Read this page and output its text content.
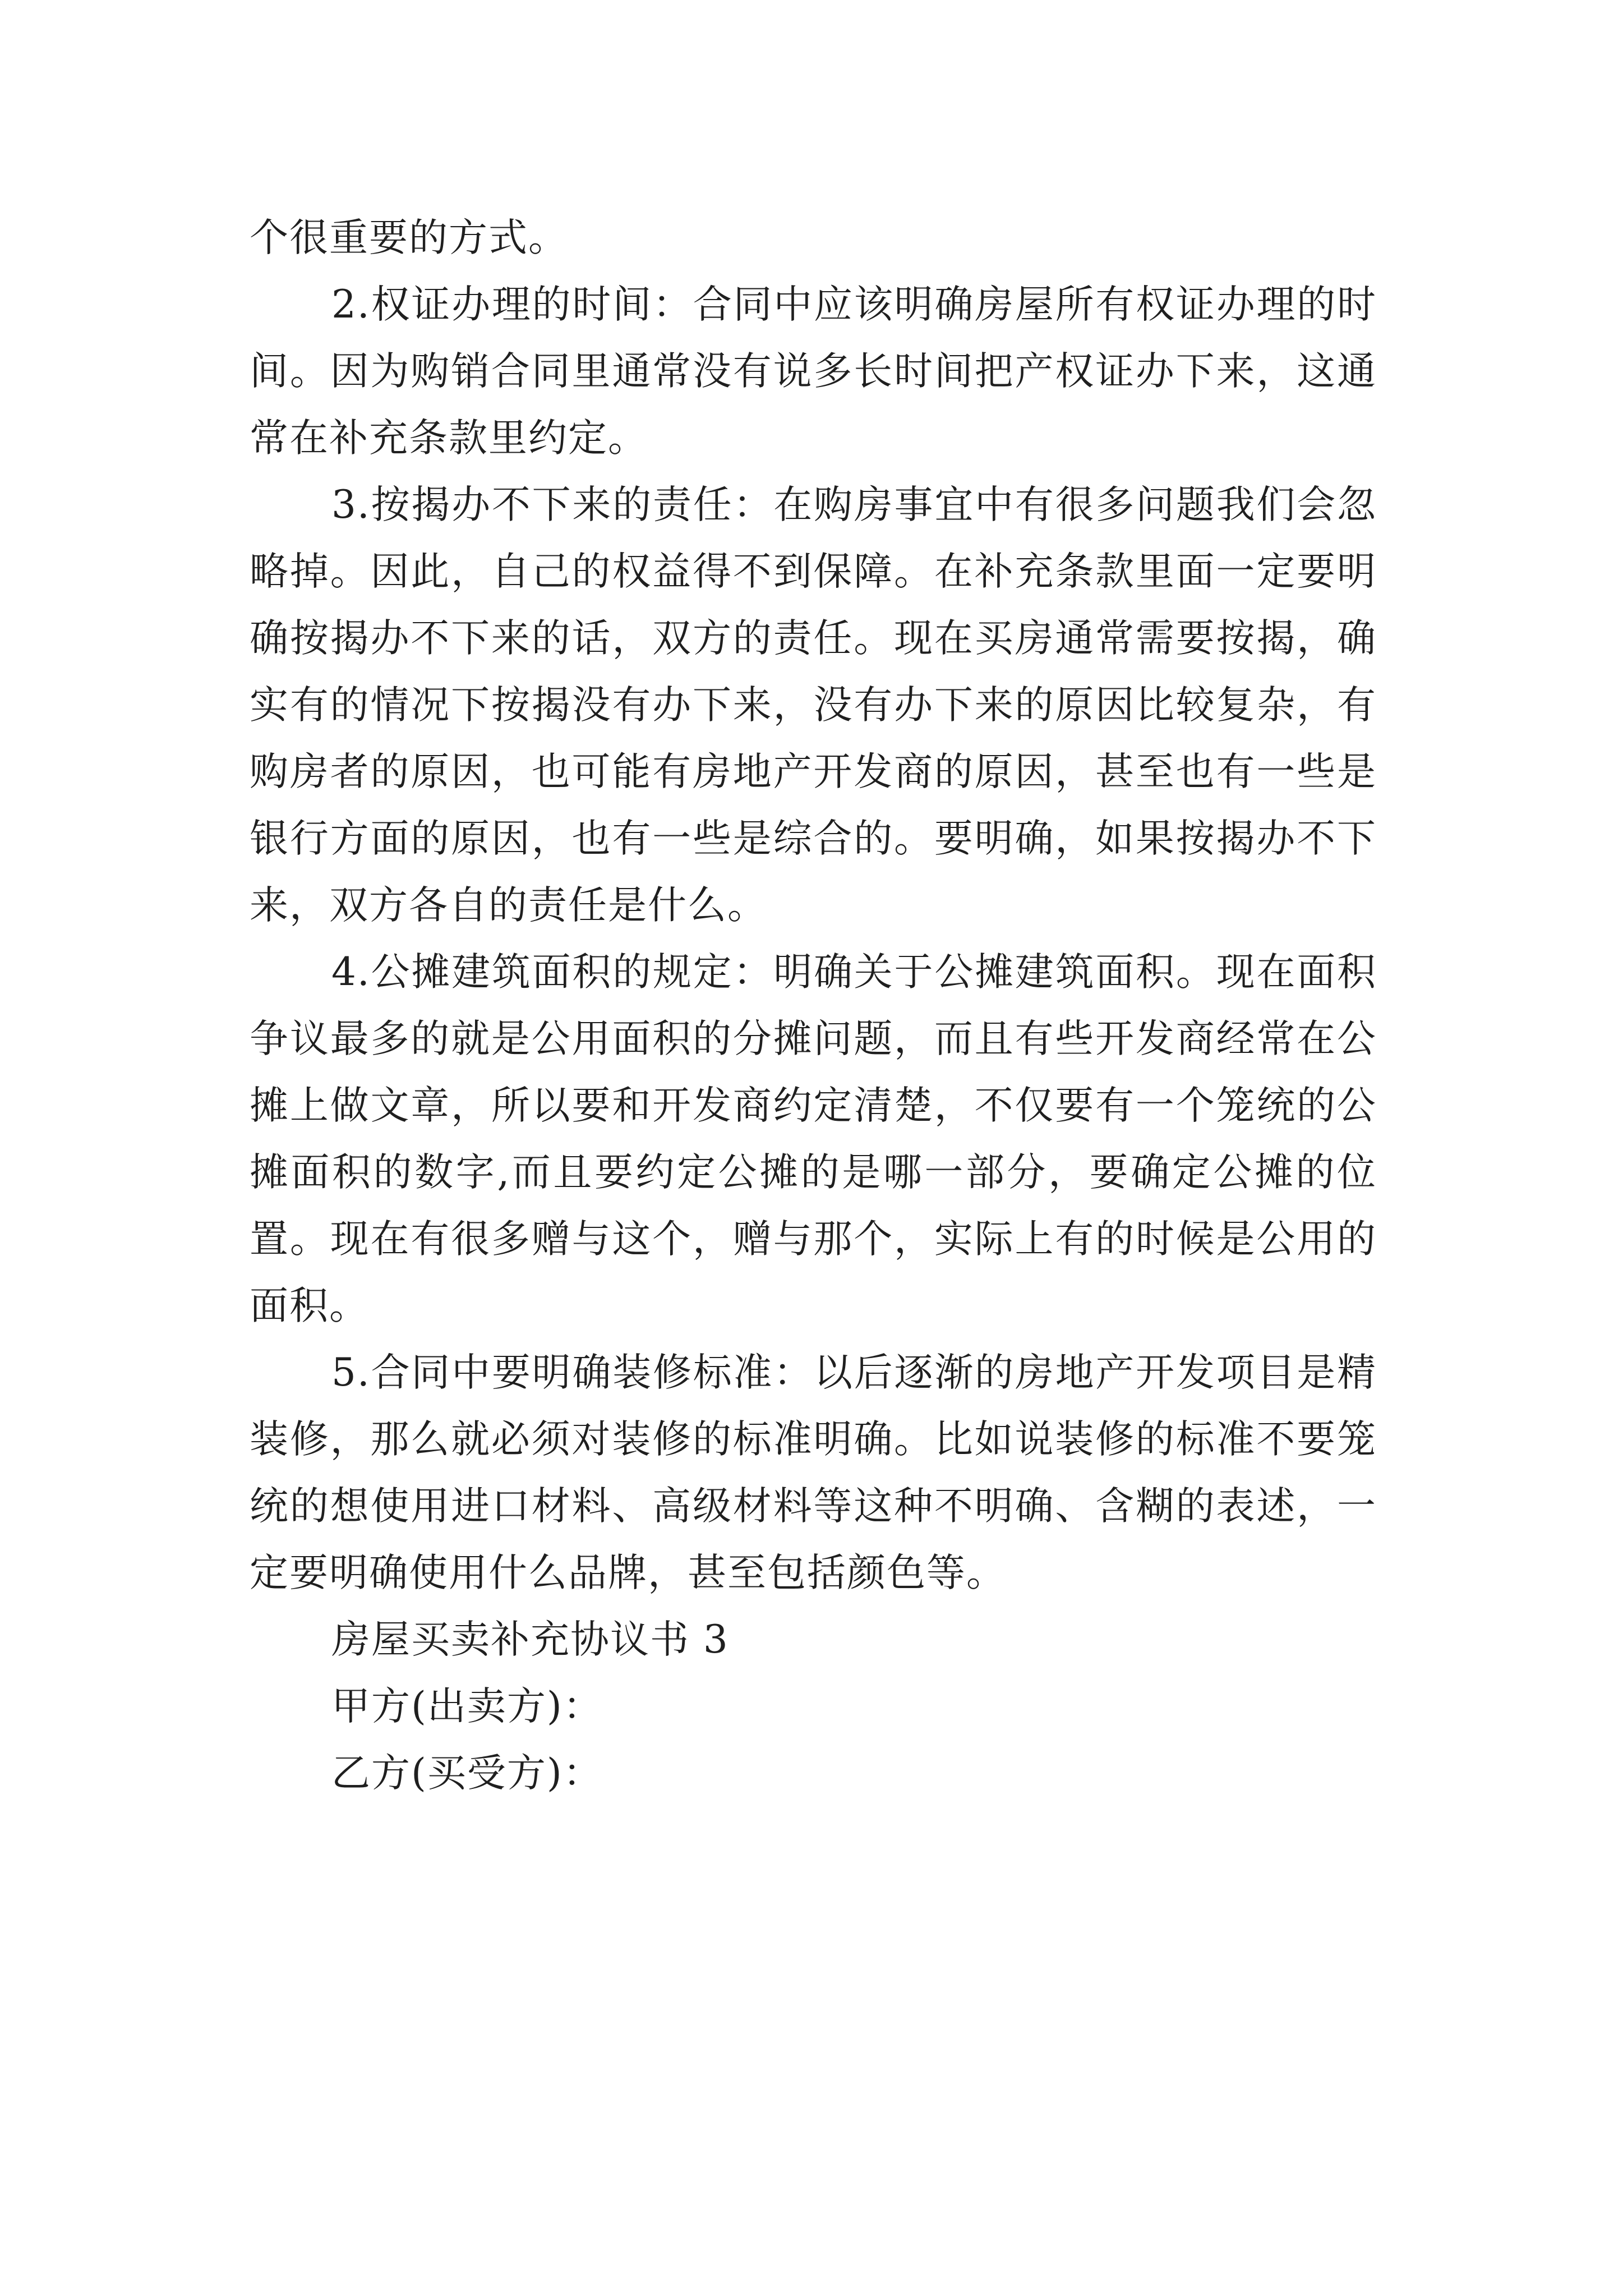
个很重要的方式。

2.权证办理的时间：合同中应该明确房屋所有权证办理的时间。因为购销合同里通常没有说多长时间把产权证办下来，这通常在补充条款里约定。

3.按揭办不下来的责任：在购房事宜中有很多问题我们会忽略掉。因此，自己的权益得不到保障。在补充条款里面一定要明确按揭办不下来的话，双方的责任。现在买房通常需要按揭，确实有的情况下按揭没有办下来，没有办下来的原因比较复杂，有购房者的原因，也可能有房地产开发商的原因，甚至也有一些是银行方面的原因，也有一些是综合的。要明确，如果按揭办不下来，双方各自的责任是什么。

4.公摊建筑面积的规定：明确关于公摊建筑面积。现在面积争议最多的就是公用面积的分摊问题，而且有些开发商经常在公摊上做文章，所以要和开发商约定清楚，不仅要有一个笼统的公摊面积的数字,而且要约定公摊的是哪一部分，要确定公摊的位置。现在有很多赠与这个，赠与那个，实际上有的时候是公用的面积。

5.合同中要明确装修标准：以后逐渐的房地产开发项目是精装修，那么就必须对装修的标准明确。比如说装修的标准不要笼统的想使用进口材料、高级材料等这种不明确、含糊的表述，一定要明确使用什么品牌，甚至包括颜色等。

房屋买卖补充协议书 3

甲方(出卖方)：

乙方(买受方)：
